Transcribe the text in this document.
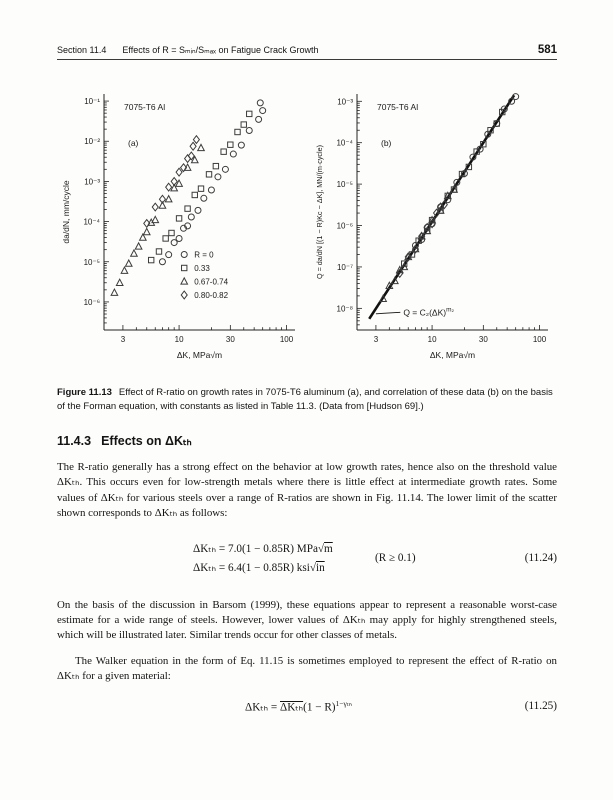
Section 11.4 Effects of R = Sₘᵢₙ/Sₘₐₓ on Fatigue Crack Growth	581
3	10	30	100
10⁻¹
10⁻²
10⁻³
10⁻⁴
10⁻⁵
10⁻⁶
7075-T6 Al
(a)
ΔK, MPa√m
da/dN, mm/cycle
R = 0
0.33
0.67-0.74
0.80-0.82
3	10	30	100
10⁻³
10⁻⁴
10⁻⁵
10⁻⁶
10⁻⁷
10⁻⁸
7075-T6 Al
(b)
ΔK, MPa√m
Q = da/dN [(1 − R)Kc − ΔK], MN/(m·cycle)
$Q = C_2(\Delta K)^{m_2}$
Figure 11.13 Effect of R-ratio on growth rates in 7075-T6 aluminum (a), and correlation of these data (b) on the basis of the Forman equation, with constants as listed in Table 11.3. (Data from [Hudson 69].)
11.4.3 Effects on ΔKₜₕ

The R-ratio generally has a strong effect on the behavior at low growth rates, hence also on the threshold value ΔKₜₕ. This occurs even for low-strength metals where there is little effect at intermediate growth rates. Some values of ΔKₜₕ for various steels over a range of R-ratios are shown in Fig. 11.14. The lower limit of the scatter shown corresponds to ΔKₜₕ as follows:

ΔKₜₕ = 7.0(1 − 0.85R) MPa√m
ΔKₜₕ = 6.4(1 − 0.85R) ksi√in
(R ≥ 0.1)	(11.24)

On the basis of the discussion in Barsom (1999), these equations appear to represent a reasonable worst-case estimate for a wide range of steels. However, lower values of ΔKₜₕ may apply for highly strengthened steels, which will be illustrated later. Similar trends occur for other classes of metals.

The Walker equation in the form of Eq. 11.15 is sometimes employed to represent the effect of R-ratio on ΔKₜₕ for a given material:

$\Delta K_{th} = \Delta K_{th}(1 - R)^{1-\gamma_{th}}$	(11.25)
